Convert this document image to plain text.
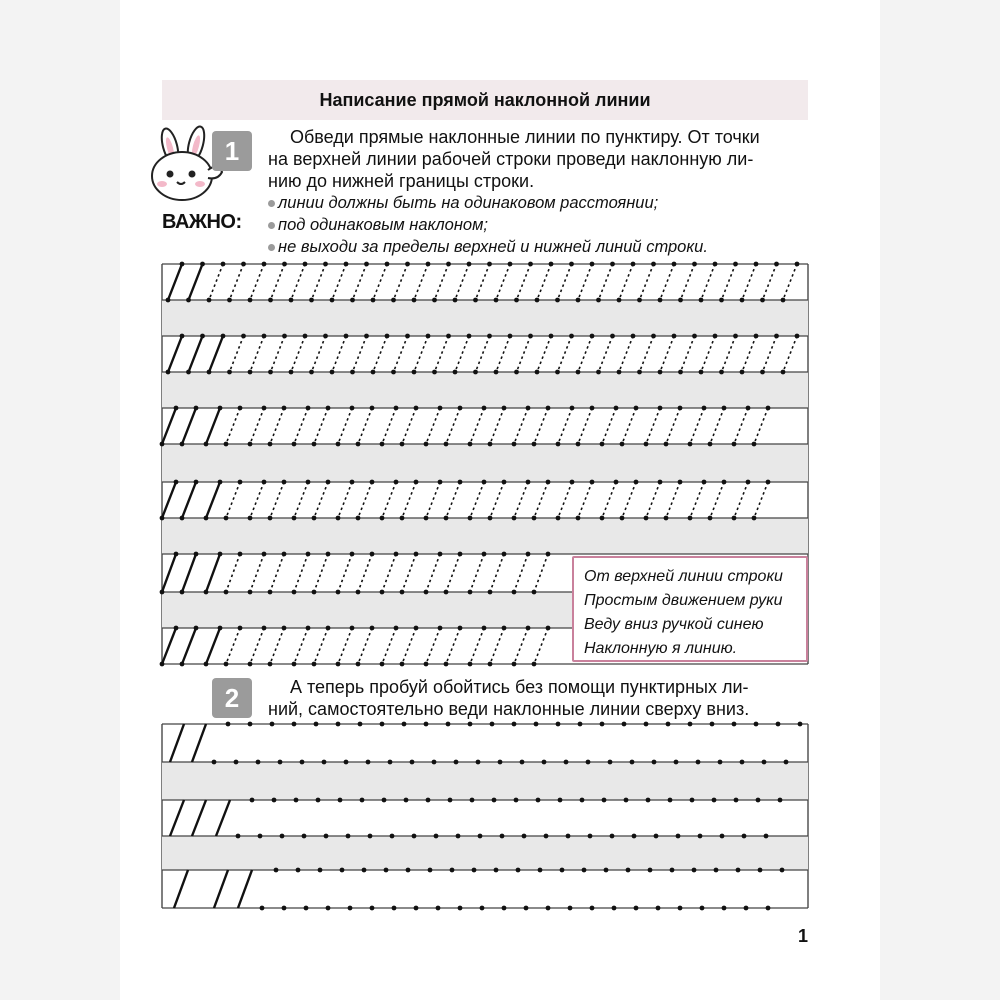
Написание прямой наклонной линии
1
ВАЖНО:
Обведи прямые наклонные линии по пунктиру. От точки
на верхней линии рабочей строки проведи наклонную ли-
нию до нижней границы строки.
линии должны быть на одинаковом расстоянии;
под одинаковым наклоном;
не выходи за пределы верхней и нижней линий строки.
2	А теперь пробуй обойтись без помощи пунктирных ли-
ний, самостоятельно веди наклонные линии сверху вниз.
От верхней линии строки
Простым движением руки
Веду вниз ручкой синею
Наклонную я линию.
1
